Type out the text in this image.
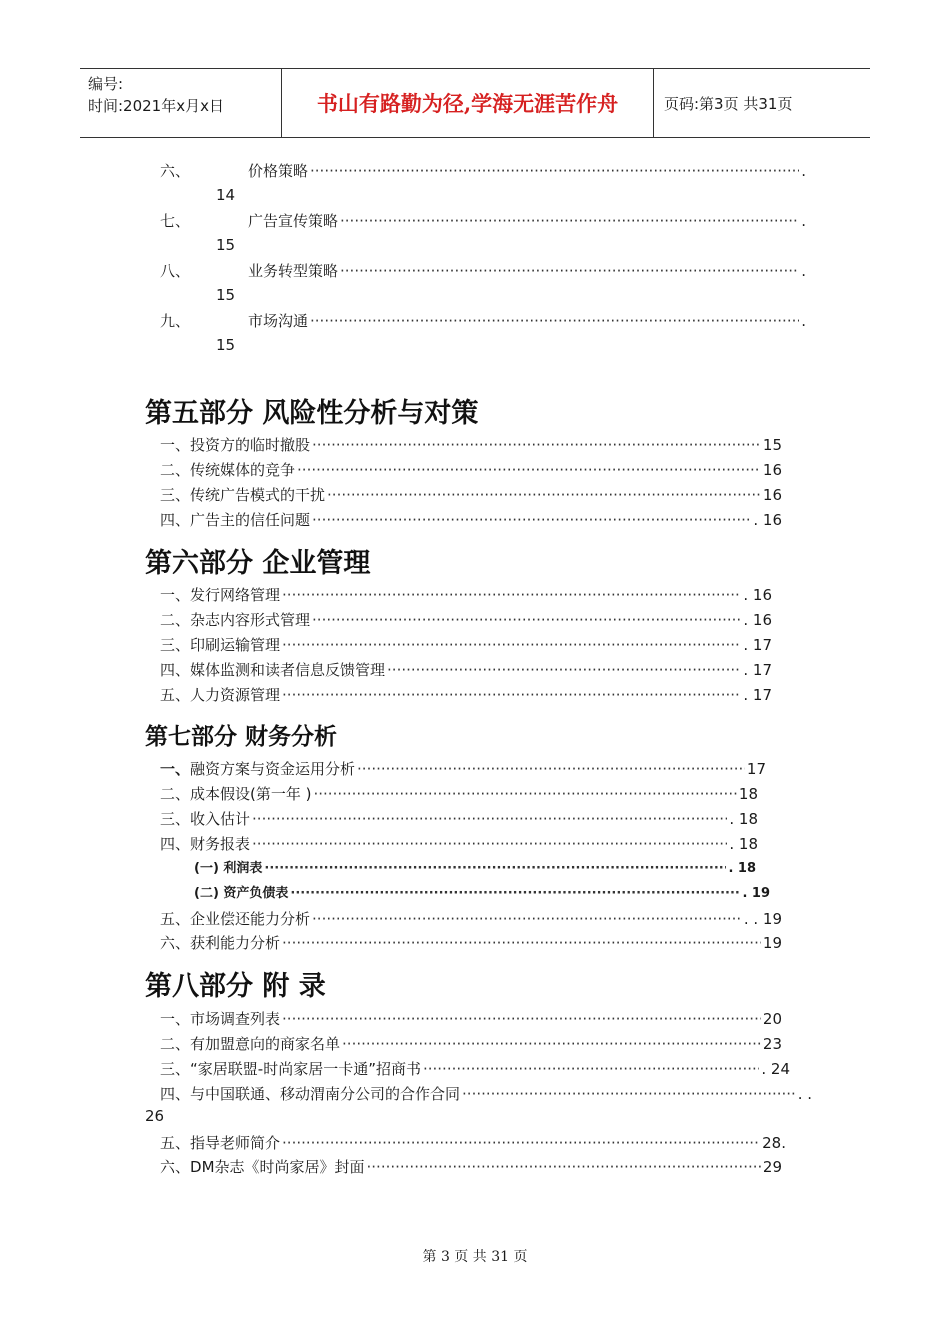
编号:
时间:2021年x月x日	书山有路勤为径,学海无涯苦作舟	页码:第3页 共31页
六、	价格策略 ·····	.
14
七、	广告宣传策略 ·····	.
15
八、	业务转型策略 ·····	.
15
九、	市场沟通 ·····	.
15
第五部分 风险性分析与对策
一、 投资方的临时撤股 ·····	15
二、 传统媒体的竞争 ·····	16
三、 传统广告模式的干扰 ·····	16
四、 广告主的信任问题 ·····	. 16
第六部分 企业管理
一、 发行网络管理 ·····	. 16
二、 杂志内容形式管理 ·····	. 16
三、 印刷运输管理 ·····	. 17
四、 媒体监测和读者信息反馈管理 ·····	. 17
五、 人力资源管理 ·····	. 17
第七部分 财务分析
一、 融资方案与资金运用分析 ·····	17
二、 成本假设(第一年 ) ·····	18
三、 收入估计 ·····	. 18
四、 财务报表 ·····	. 18
(一) 利润表 ·····	. 18
(二) 资产负债表 ·····	. 19
五、 企业偿还能力分析 ·····	. . 19
六、 获利能力分析 ·····	19
第八部分 附 录
一、 市场调查列表 ·····	20
二、 有加盟意向的商家名单 ·····	23
三、 “家居联盟-时尚家居一卡通”招商书 ·····	. 24
四、 与中国联通、移动渭南分公司的合作合同 ·····	. .
26
五、 指导老师简介 ·····	28.
六、 DM杂志《时尚家居》封面 ·····	29
第 3 页 共 31 页
